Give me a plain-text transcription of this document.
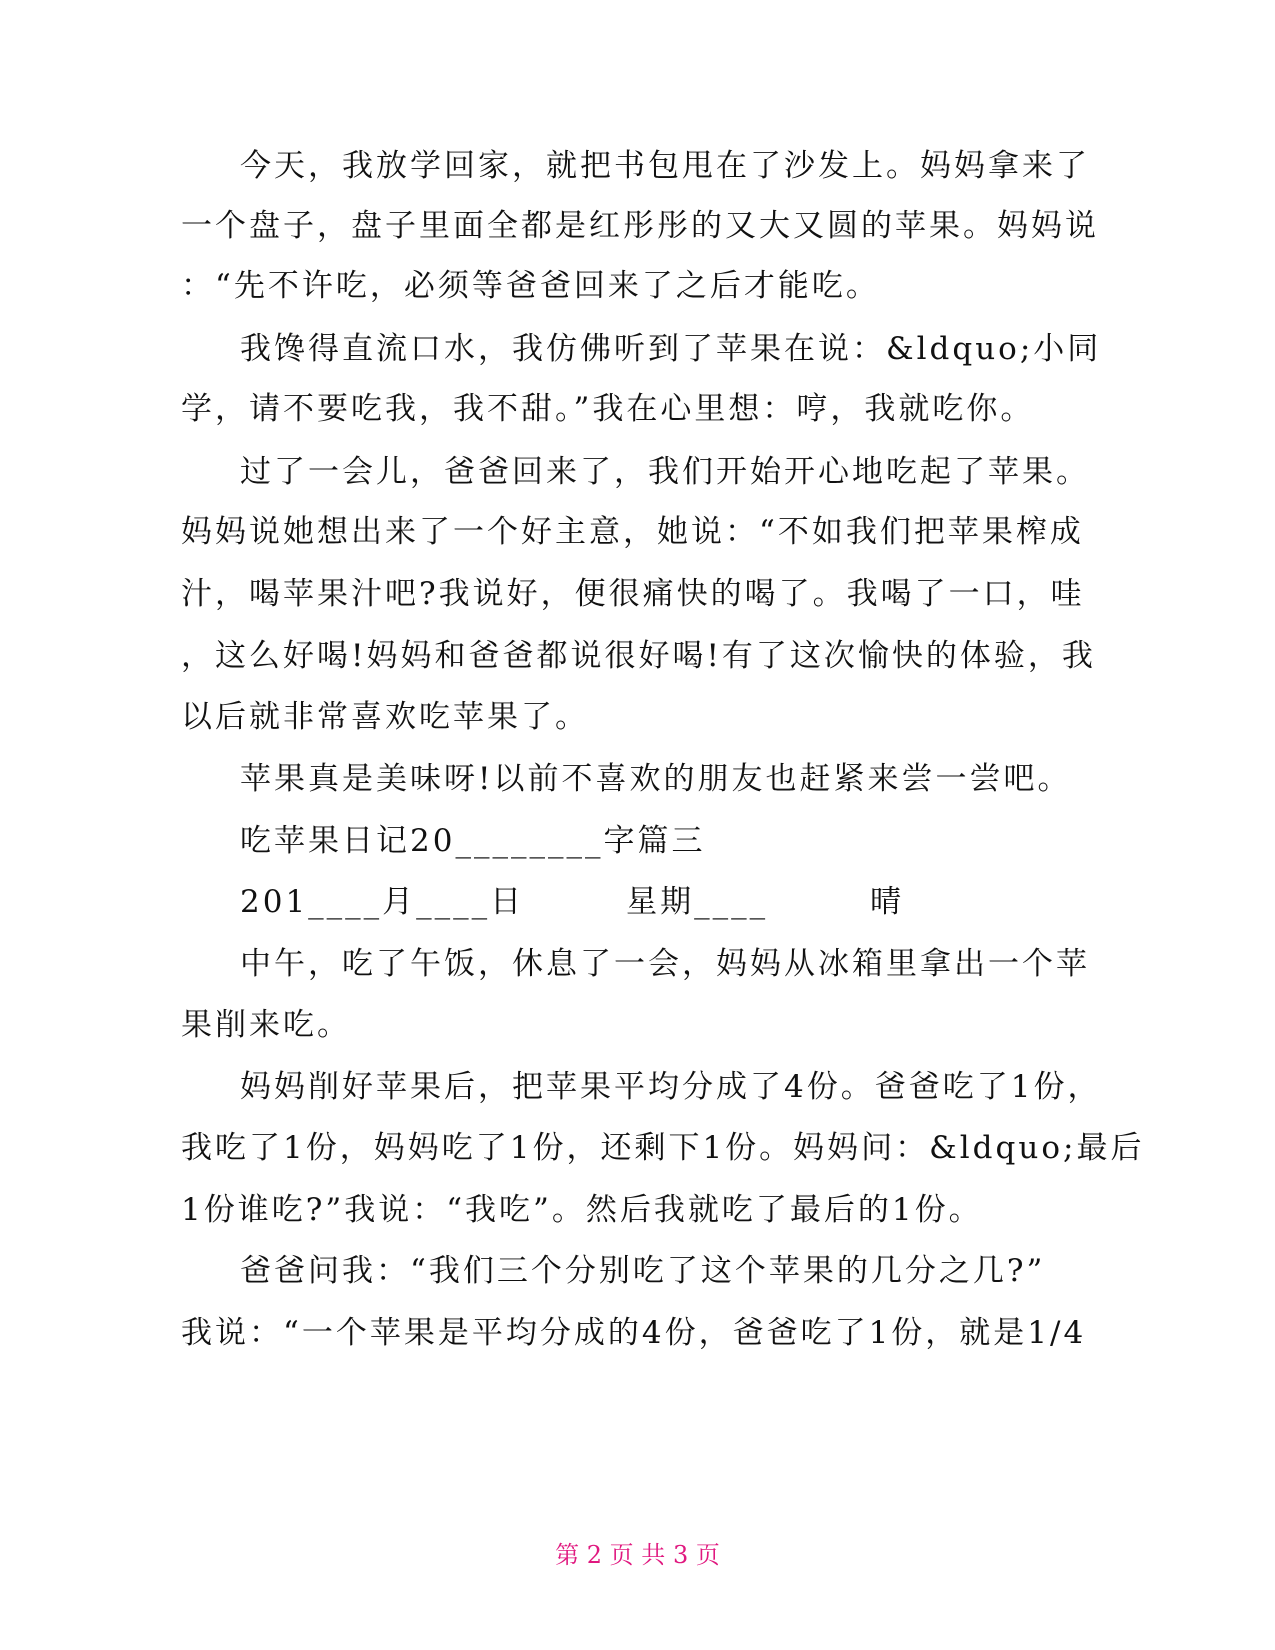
今天，我放学回家，就把书包甩在了沙发上。妈妈拿来了
一个盘子，盘子里面全都是红彤彤的又大又圆的苹果。妈妈说
：“先不许吃，必须等爸爸回来了之后才能吃。
我馋得直流口水，我仿佛听到了苹果在说：&ldquo;小同
学，请不要吃我，我不甜。”我在心里想：哼，我就吃你。
过了一会儿，爸爸回来了，我们开始开心地吃起了苹果。
妈妈说她想出来了一个好主意，她说：“不如我们把苹果榨成
汁，喝苹果汁吧?我说好，便很痛快的喝了。我喝了一口，哇
，这么好喝!妈妈和爸爸都说很好喝!有了这次愉快的体验，我
以后就非常喜欢吃苹果了。
苹果真是美味呀!以前不喜欢的朋友也赶紧来尝一尝吧。
吃苹果日记20________字篇三
201____月____日　　　星期____　　　晴
中午，吃了午饭，休息了一会，妈妈从冰箱里拿出一个苹
果削来吃。
妈妈削好苹果后，把苹果平均分成了4份。爸爸吃了1份，
我吃了1份，妈妈吃了1份，还剩下1份。妈妈问：&ldquo;最后
1份谁吃?”我说：“我吃”。然后我就吃了最后的1份。
爸爸问我：“我们三个分别吃了这个苹果的几分之几?”
我说：“一个苹果是平均分成的4份，爸爸吃了1份，就是1/4
第 2 页 共 3 页
